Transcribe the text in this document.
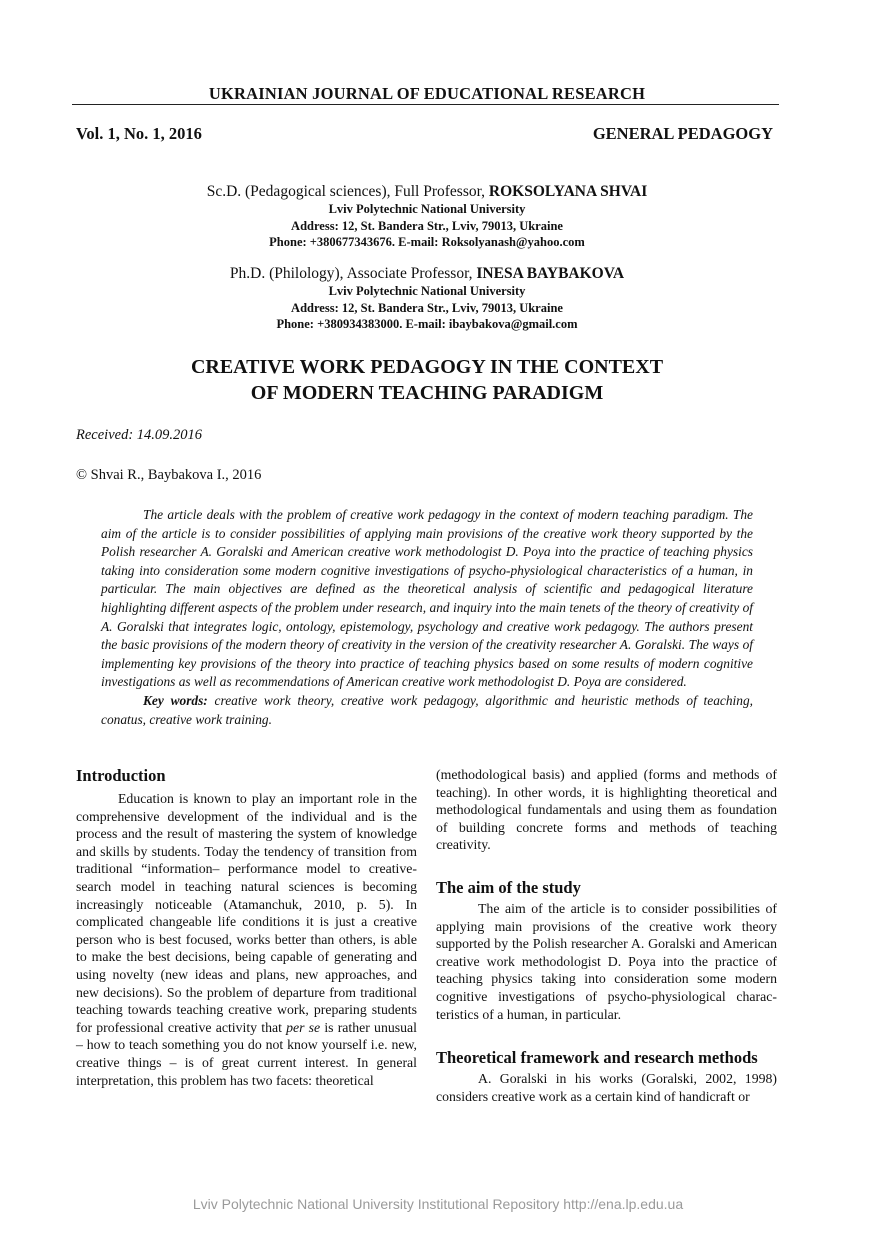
UKRAINIAN JOURNAL OF EDUCATIONAL RESEARCH
Vol. 1, No. 1, 2016	GENERAL PEDAGOGY
Sc.D. (Pedagogical sciences), Full Professor, ROKSOLYANA SHVAI
Lviv Polytechnic National University
Address: 12, St. Bandera Str., Lviv, 79013, Ukraine
Phone: +380677343676. E-mail: Roksolyanash@yahoo.com
Ph.D. (Philology), Associate Professor, INESA BAYBAKOVA
Lviv Polytechnic National University
Address: 12, St. Bandera Str., Lviv, 79013, Ukraine
Phone: +380934383000. E-mail: ibaybakova@gmail.com
CREATIVE WORK PEDAGOGY IN THE CONTEXT
OF MODERN TEACHING PARADIGM
Received: 14.09.2016
© Shvai R., Baybakova I., 2016

The article deals with the problem of creative work pedagogy in the context of modern teaching paradigm. The aim of the article is to consider possibilities of applying main provisions of the creative work theory supported by the Polish researcher A. Goralski and American creative work methodologist D. Poya into the practice of teaching physics taking into consideration some modern cognitive investigations of psycho-physiological characteristics of a human, in particular. The main objectives are defined as the theoretical analysis of scientific and pedagogical literature highlighting different aspects of the problem under research, and inquiry into the main tenets of the theory of creativity of A. Goralski that integrates logic, ontology, epistemology, psychology and creative work pedagogy. The authors present the basic provisions of the modern theory of creativity in the version of the creativity researcher A. Goralski. The ways of implementing key provisions of the theory into practice of teaching physics based on some results of modern cognitive investigations as well as recommendations of American creative work methodologist D. Poya are considered.

Key words: creative work theory, creative work pedagogy, algorithmic and heuristic methods of teaching, conatus, creative work training.

Introduction

Education is known to play an important role in the comprehensive development of the individual and is the process and the result of mastering the system of knowledge and skills by students. Today the tendency of transition from traditional “information– performance model to creative-search model in teaching natural sciences is becoming increasingly noticeable (Atamanchuk, 2010, p. 5). In complicated changeable life conditions it is just a creative person who is best focused, works better than others, is able to make the best decisions, being capable of generating and using novelty (new ideas and plans, new approaches, and new decisions). So the problem of departure from traditional teaching towards teaching creative work, preparing students for professional creative activity that per se is rather unusual – how to teach something you do not know yourself i.e. new, creative things – is of great current interest. In general interpretation, this problem has two facets: theoretical

(methodological basis) and applied (forms and methods of teaching). In other words, it is highlighting theoretical and methodological fundamentals and using them as foundation of building concrete forms and methods of teaching creativity.

The aim of the study

The aim of the article is to consider possibilities of applying main provisions of the creative work theory supported by the Polish researcher A. Goralski and American creative work methodologist D. Poya into the practice of teaching physics taking into consideration some modern cognitive investigations of psycho-physiological charac-teristics of a human, in particular.

Theoretical framework and research methods

A. Goralski in his works (Goralski, 2002, 1998) considers creative work as a certain kind of handicraft or

Lviv Polytechnic National University Institutional Repository http://ena.lp.edu.ua
